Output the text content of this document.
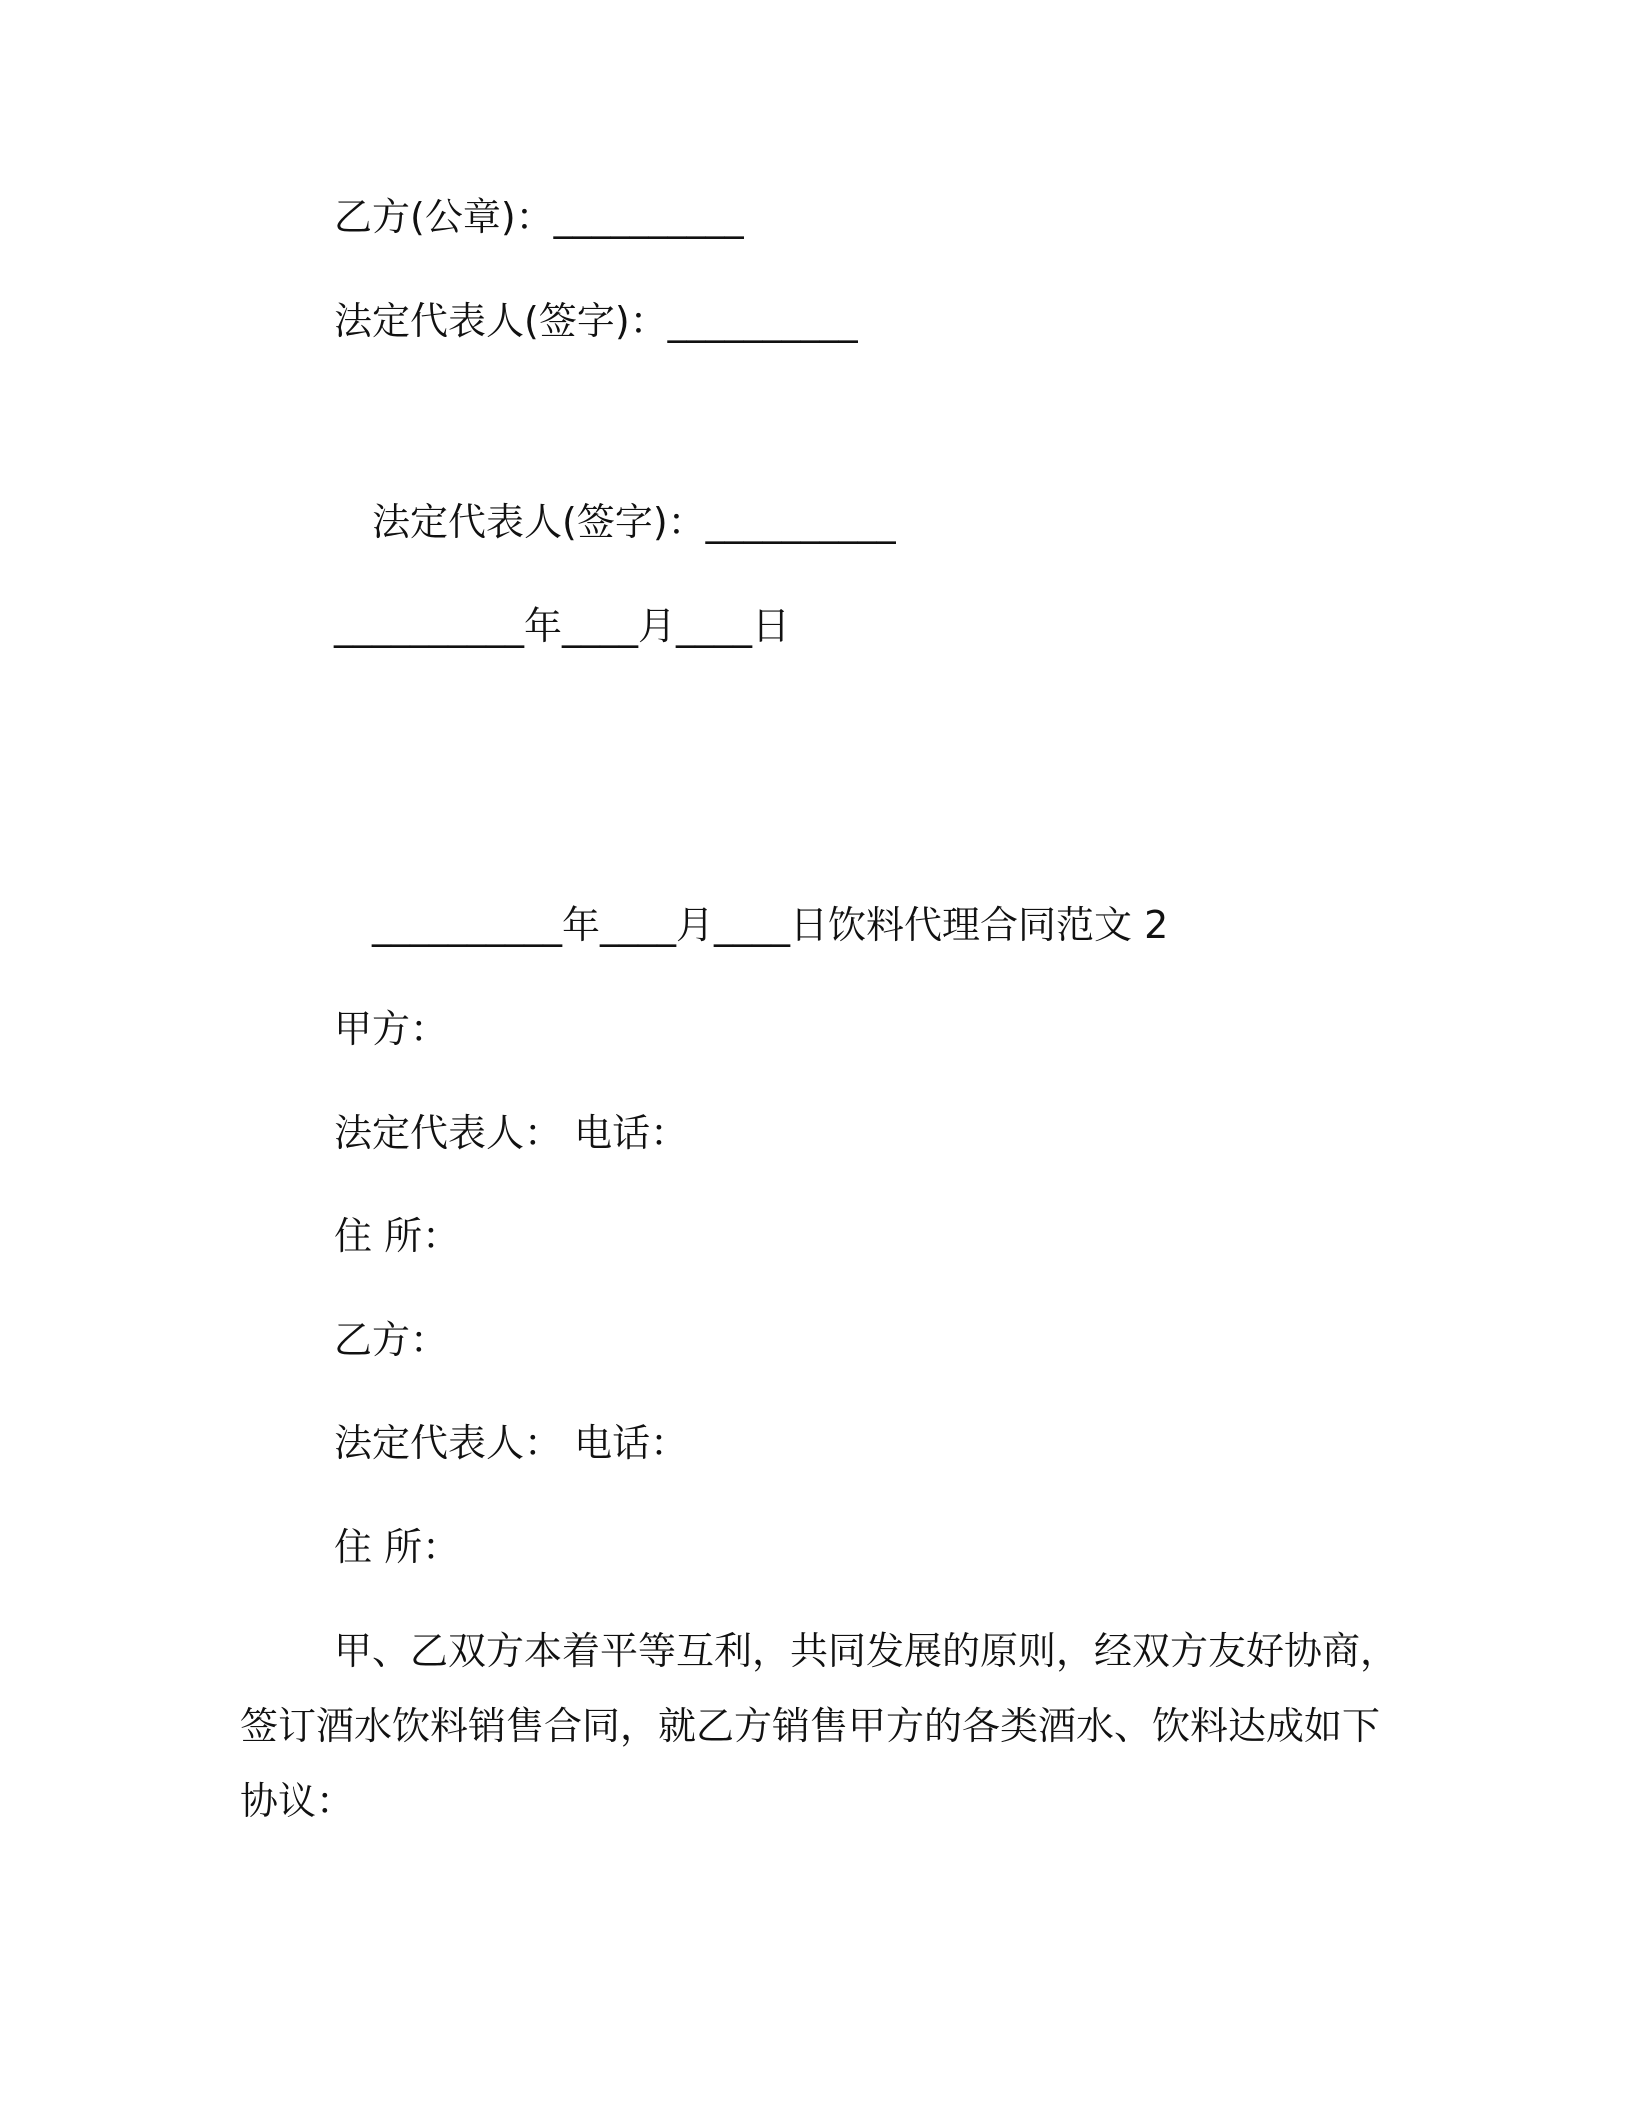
乙方(公章)：__________
法定代表人(签字)：__________
法定代表人(签字)：__________
__________年____月____日
__________年____月____日饮料代理合同范文 2
甲方：
法定代表人： 电话：
住 所：
乙方：
法定代表人： 电话：
住 所：
甲、乙双方本着平等互利，共同发展的原则，经双方友好协商，
签订酒水饮料销售合同，就乙方销售甲方的各类酒水、饮料达成如下
协议：
